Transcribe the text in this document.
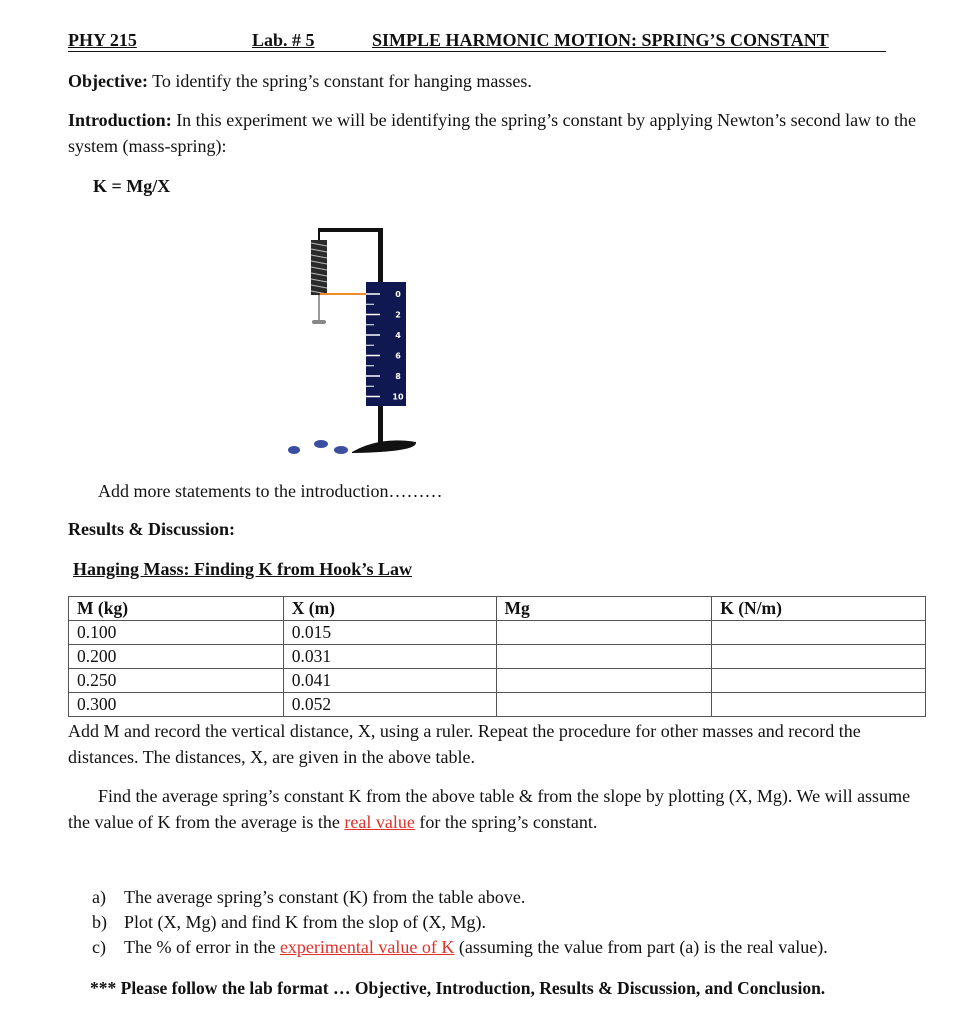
PHY 215	Lab. # 5	SIMPLE HARMONIC MOTION: SPRING’S CONSTANT
Objective: To identify the spring’s constant for hanging masses.
Introduction: In this experiment we will be identifying the spring’s constant by applying Newton’s second law to the system (mass-spring):
K = Mg/X
0
2
4
6
8
10
Add more statements to the introduction………
Results & Discussion:
Hanging Mass: Finding K from Hook’s Law
M (kg)	X (m)	Mg	K (N/m)
0.100	0.015		
0.200	0.031		
0.250	0.041		
0.300	0.052		
Add M and record the vertical distance, X, using a ruler. Repeat the procedure for other masses and record the distances. The distances, X, are given in the above table.
Find the average spring’s constant K from the above table & from the slope by plotting (X, Mg). We will assume the value of K from the average is the real value for the spring’s constant.
a) The average spring’s constant (K) from the table above.
b) Plot (X, Mg) and find K from the slop of (X, Mg).
c) The % of error in the experimental value of K (assuming the value from part (a) is the real value).
*** Please follow the lab format … Objective, Introduction, Results & Discussion, and Conclusion.
